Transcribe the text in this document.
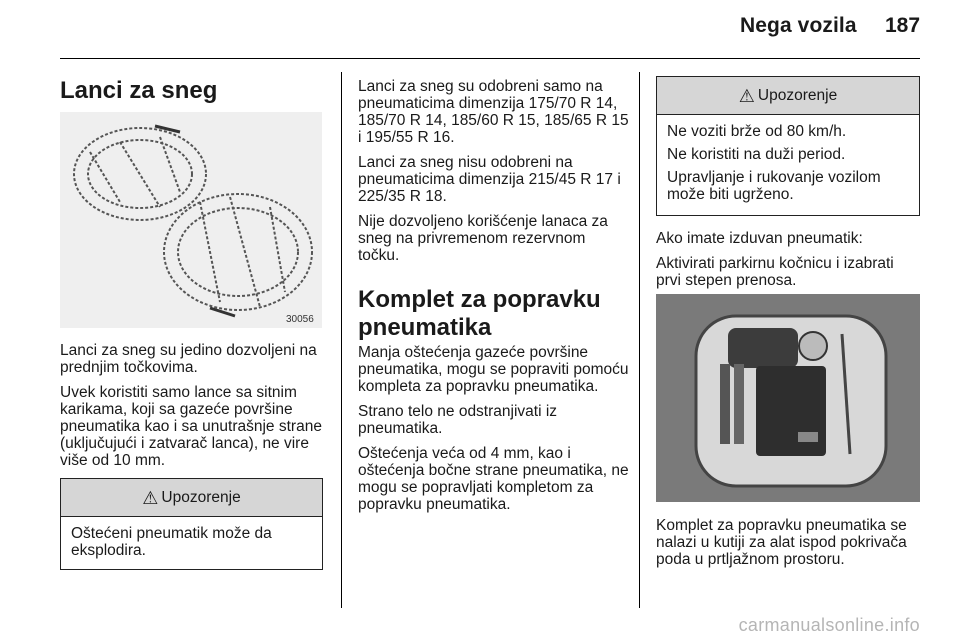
Nega vozila 187
Lanci za sneg
30056

Lanci za sneg su jedino dozvoljeni na prednjim točkovima.

Uvek koristiti samo lance sa sitnim karikama, koji sa gazeće površine pneumatika kao i sa unutrašnje strane (uključujući i zatvarač lanca), ne vire više od 10 mm.

⚠ Upozorenje

Oštećeni pneumatik može da eksplodira.

Lanci za sneg su odobreni samo na pneumaticima dimenzija 175/70 R 14, 185/70 R 14, 185/60 R 15, 185/65 R 15 i 195/55 R 16.

Lanci za sneg nisu odobreni na pneumaticima dimenzija 215/45 R 17 i 225/35 R 18.

Nije dozvoljeno korišćenje lanaca za sneg na privremenom rezervnom točku.

Komplet za popravku
pneumatika

Manja oštećenja gazeće površine pneumatika, mogu se popraviti pomoću kompleta za popravku pneumatika.

Strano telo ne odstranjivati iz pneumatika.

Oštećenja veća od 4 mm, kao i oštećenja bočne strane pneumatika, ne mogu se popravljati kompletom za popravku pneumatika.

⚠ Upozorenje

Ne voziti brže od 80 km/h.

Ne koristiti na duži period.

Upravljanje i rukovanje vozilom može biti ugrženo.

Ako imate izduvan pneumatik:

Aktivirati parkirnu kočnicu i izabrati prvi stepen prenosa.

Komplet za popravku pneumatika se nalazi u kutiji za alat ispod pokrivača poda u prtljažnom prostoru.

carmanualsonline.info
